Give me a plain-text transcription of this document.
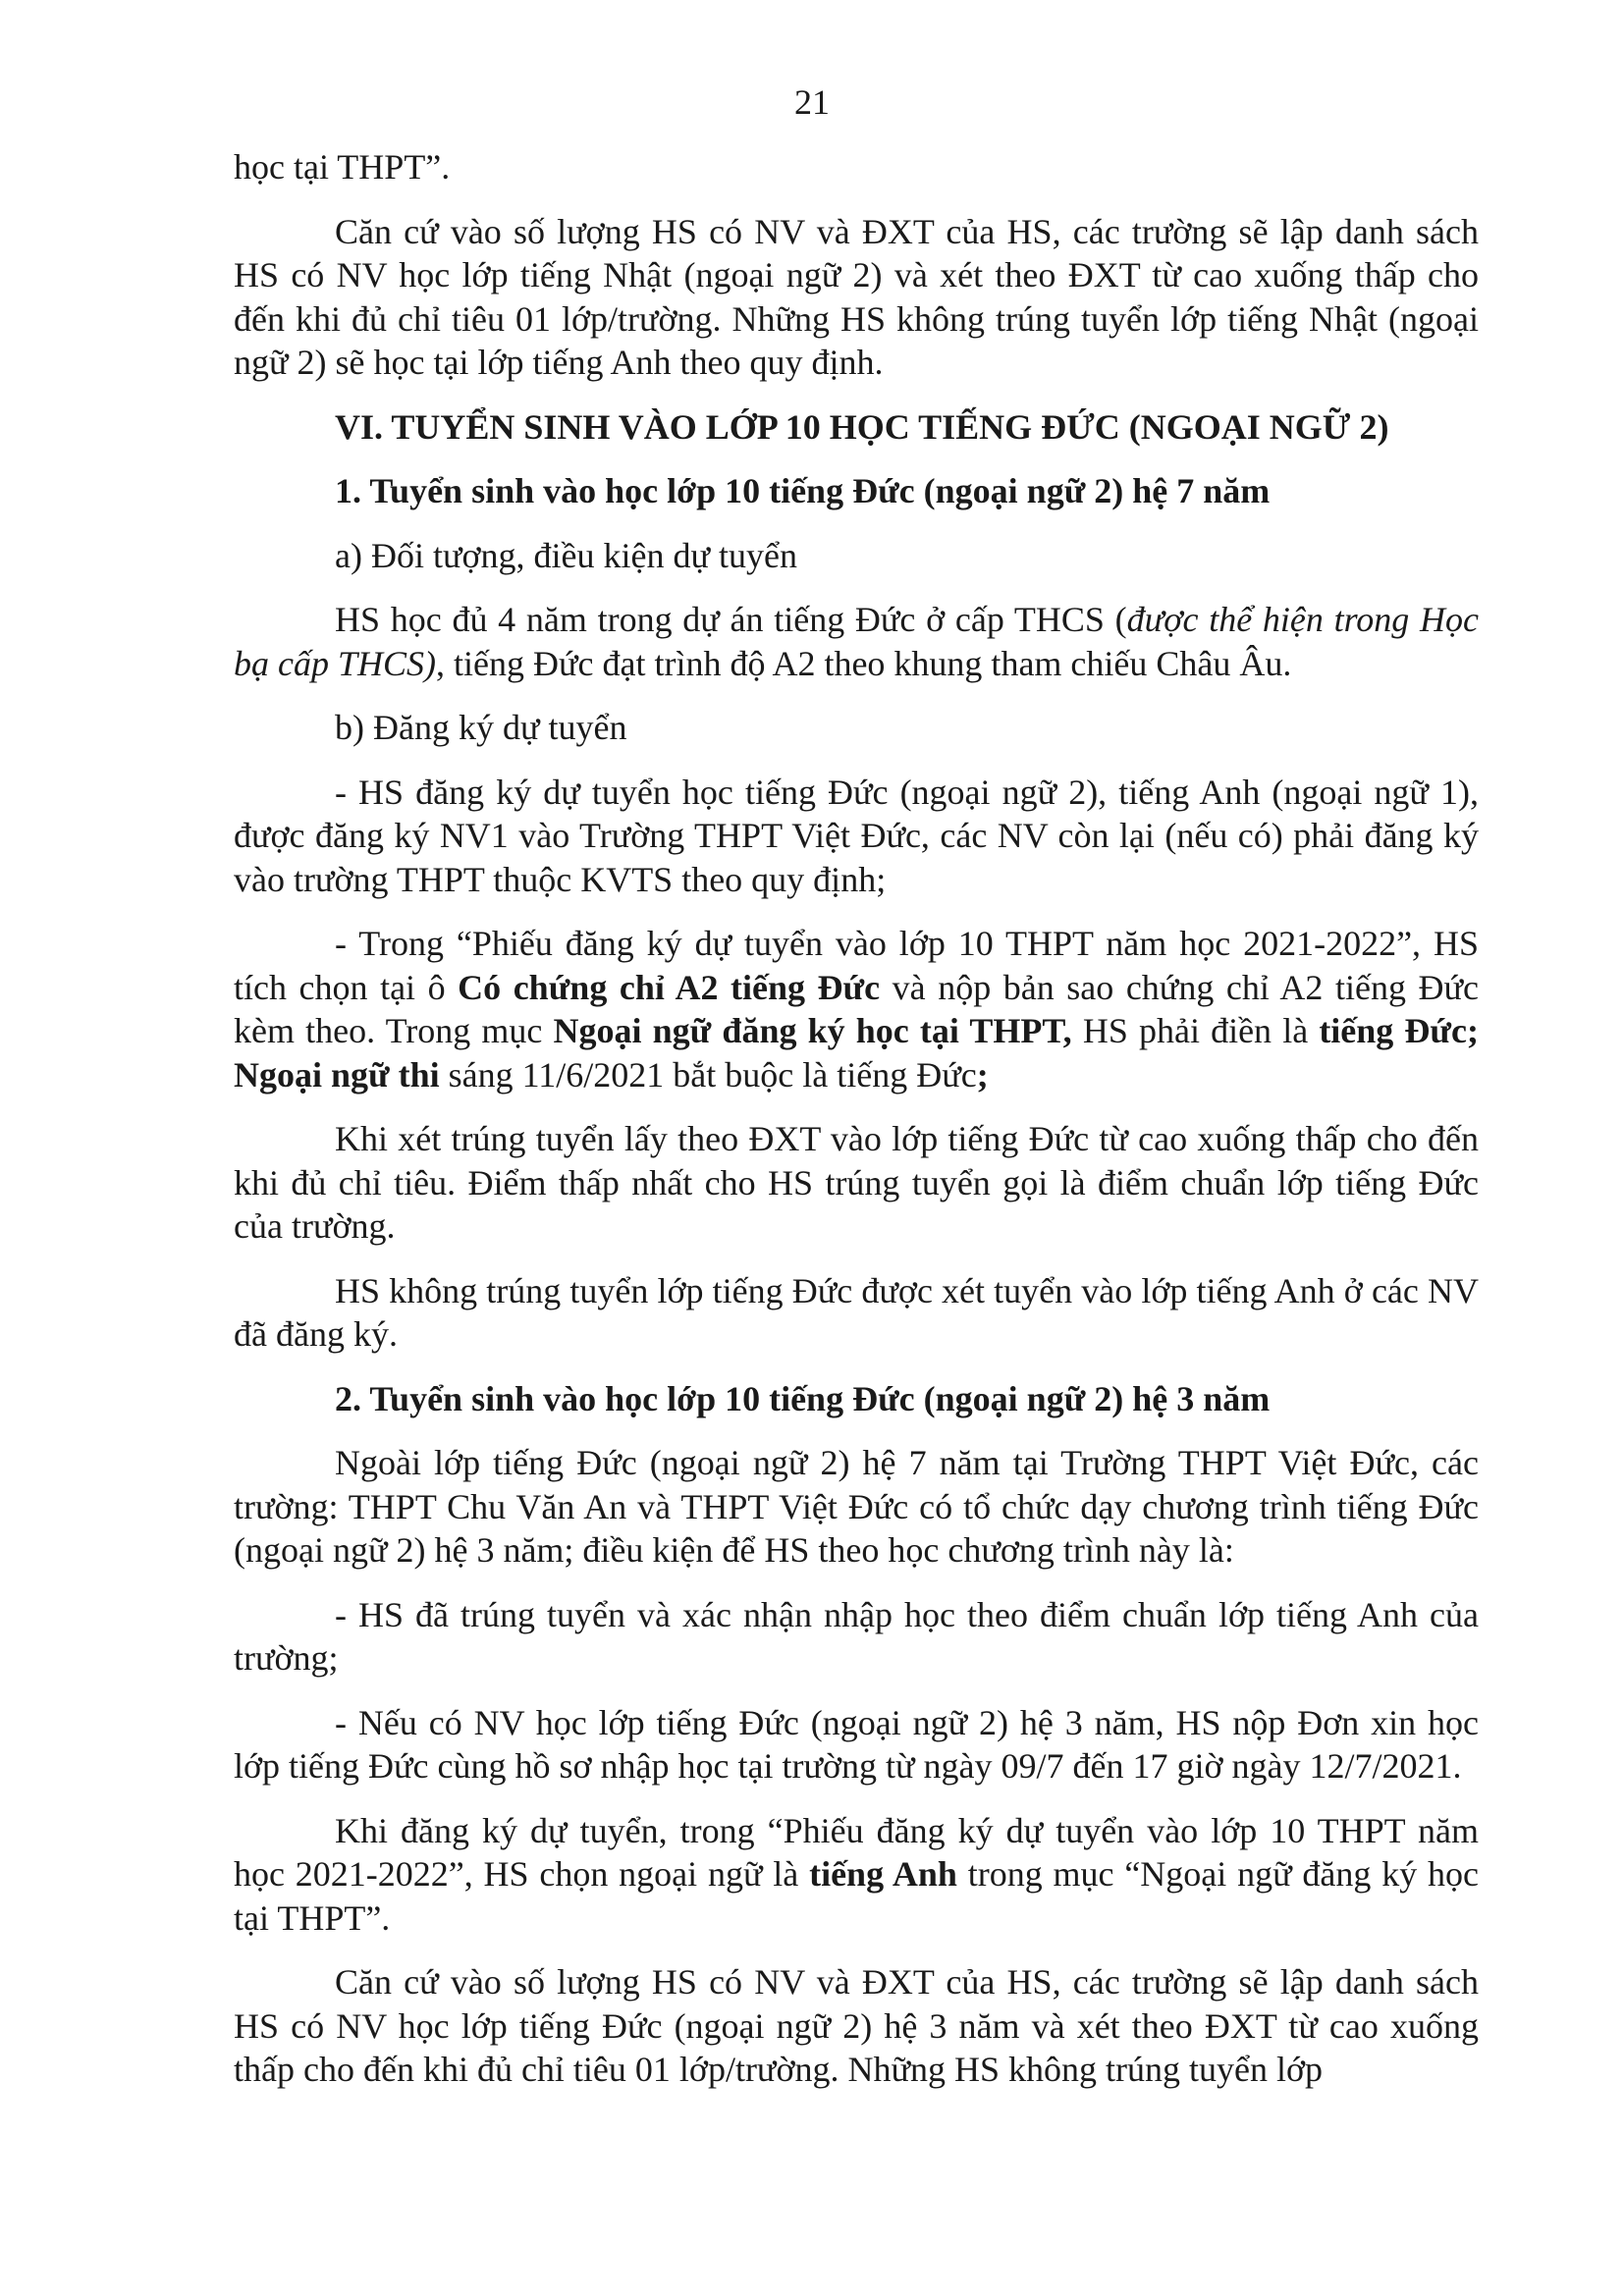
21

học tại THPT”.

Căn cứ vào số lượng HS có NV và ĐXT của HS, các trường sẽ lập danh sách HS có NV học lớp tiếng Nhật (ngoại ngữ 2) và xét theo ĐXT từ cao xuống thấp cho đến khi đủ chỉ tiêu 01 lớp/trường. Những HS không trúng tuyển lớp tiếng Nhật (ngoại ngữ 2) sẽ học tại lớp tiếng Anh theo quy định.

VI. TUYỂN SINH VÀO LỚP 10 HỌC TIẾNG ĐỨC (NGOẠI NGỮ 2)

1. Tuyển sinh vào học lớp 10 tiếng Đức (ngoại ngữ 2) hệ 7 năm

a) Đối tượng, điều kiện dự tuyển

HS học đủ 4 năm trong dự án tiếng Đức ở cấp THCS (được thể hiện trong Học bạ cấp THCS), tiếng Đức đạt trình độ A2 theo khung tham chiếu Châu Âu.

b) Đăng ký dự tuyển

- HS đăng ký dự tuyển học tiếng Đức (ngoại ngữ 2), tiếng Anh (ngoại ngữ 1), được đăng ký NV1 vào Trường THPT Việt Đức, các NV còn lại (nếu có) phải đăng ký vào trường THPT thuộc KVTS theo quy định;

- Trong “Phiếu đăng ký dự tuyển vào lớp 10 THPT năm học 2021-2022”, HS tích chọn tại ô Có chứng chỉ A2 tiếng Đức và nộp bản sao chứng chỉ A2 tiếng Đức kèm theo. Trong mục Ngoại ngữ đăng ký học tại THPT, HS phải điền là tiếng Đức; Ngoại ngữ thi sáng 11/6/2021 bắt buộc là tiếng Đức;

Khi xét trúng tuyển lấy theo ĐXT vào lớp tiếng Đức từ cao xuống thấp cho đến khi đủ chỉ tiêu. Điểm thấp nhất cho HS trúng tuyển gọi là điểm chuẩn lớp tiếng Đức của trường.

HS không trúng tuyển lớp tiếng Đức được xét tuyển vào lớp tiếng Anh ở các NV đã đăng ký.

2. Tuyển sinh vào học lớp 10 tiếng Đức (ngoại ngữ 2) hệ 3 năm

Ngoài lớp tiếng Đức (ngoại ngữ 2) hệ 7 năm tại Trường THPT Việt Đức, các trường: THPT Chu Văn An và THPT Việt Đức có tổ chức dạy chương trình tiếng Đức (ngoại ngữ 2) hệ 3 năm; điều kiện để HS theo học chương trình này là:

- HS đã trúng tuyển và xác nhận nhập học theo điểm chuẩn lớp tiếng Anh của trường;

- Nếu có NV học lớp tiếng Đức (ngoại ngữ 2) hệ 3 năm, HS nộp Đơn xin học lớp tiếng Đức cùng hồ sơ nhập học tại trường từ ngày 09/7 đến 17 giờ ngày 12/7/2021.

Khi đăng ký dự tuyển, trong “Phiếu đăng ký dự tuyển vào lớp 10 THPT năm học 2021-2022”, HS chọn ngoại ngữ là tiếng Anh trong mục “Ngoại ngữ đăng ký học tại THPT”.

Căn cứ vào số lượng HS có NV và ĐXT của HS, các trường sẽ lập danh sách HS có NV học lớp tiếng Đức (ngoại ngữ 2) hệ 3 năm và xét theo ĐXT từ cao xuống thấp cho đến khi đủ chỉ tiêu 01 lớp/trường. Những HS không trúng tuyển lớp
